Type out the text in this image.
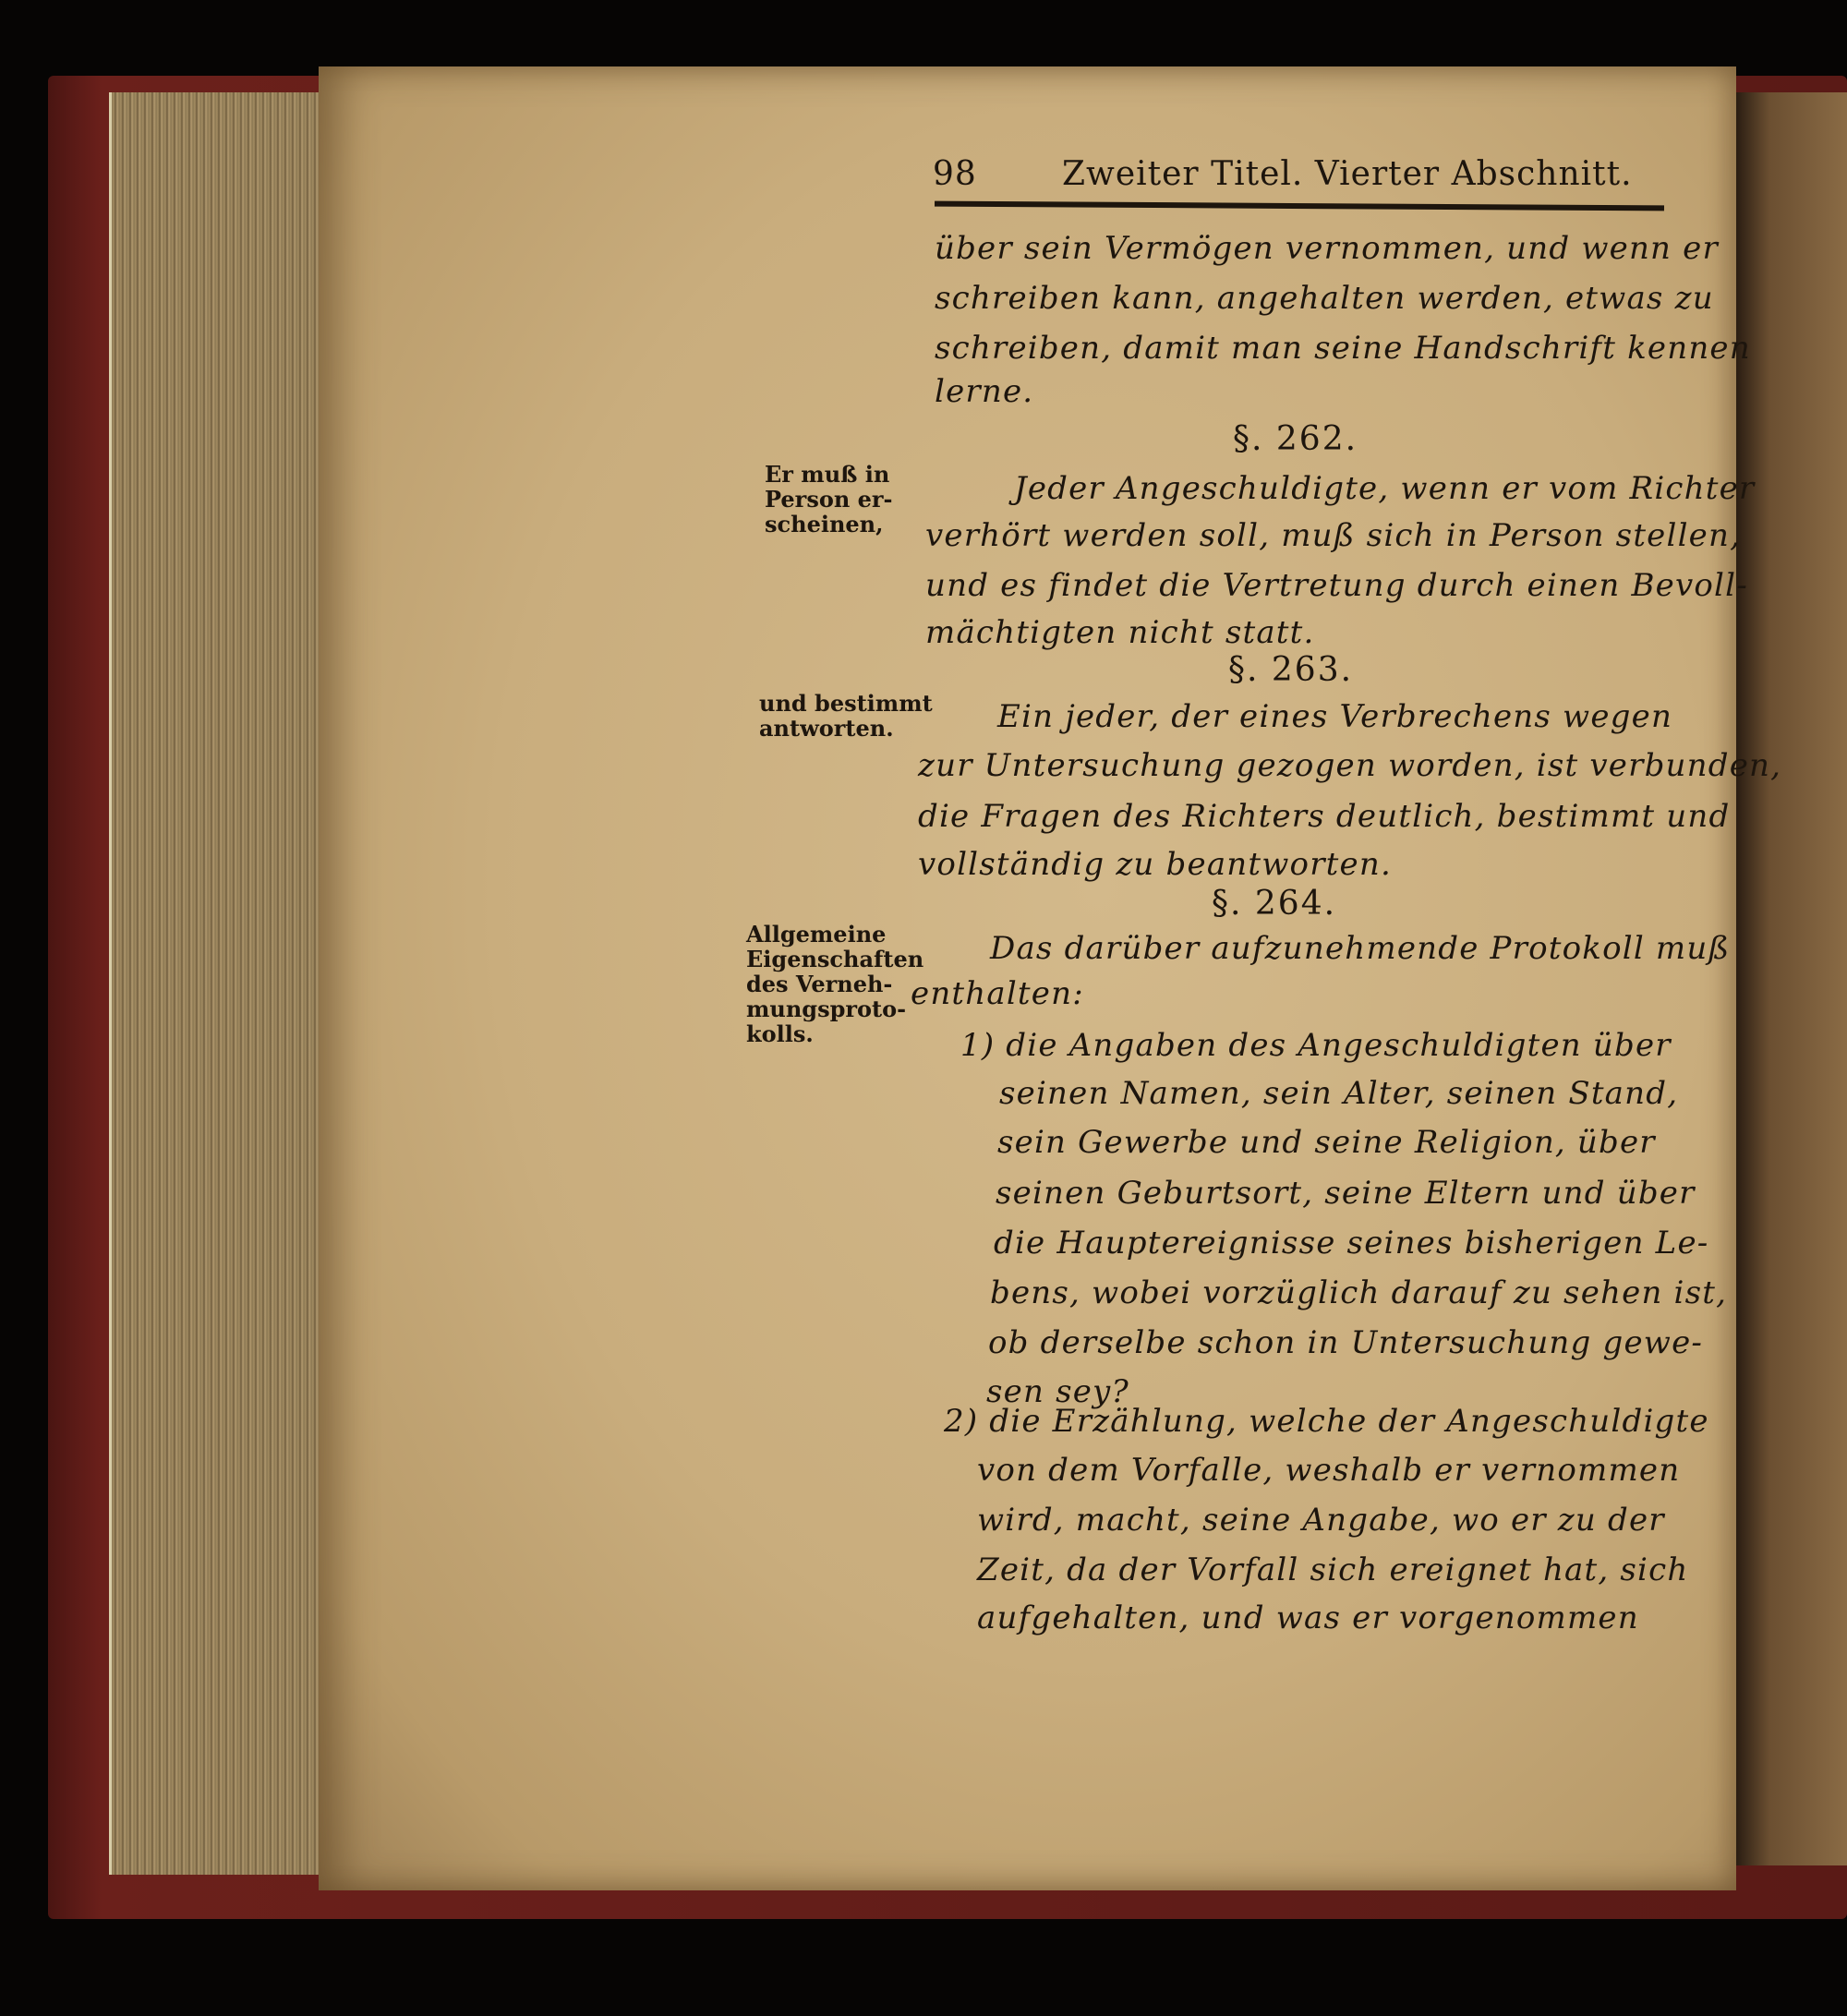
98	Zweiter Titel. Vierter Abschnitt.
über sein Vermögen vernommen, und wenn er
schreiben kann, angehalten werden, etwas zu
schreiben, damit man seine Handschrift kennen
lerne.
§. 262.
Er muß in
Person er-
scheinen,
Jeder Angeschuldigte, wenn er vom Richter
verhört werden soll, muß sich in Person stellen,
und es findet die Vertretung durch einen Bevoll-
mächtigten nicht statt.
§. 263.
und bestimmt
antworten.	Ein jeder, der eines Verbrechens wegen
zur Untersuchung gezogen worden, ist verbunden,
die Fragen des Richters deutlich, bestimmt und
vollständig zu beantworten.
§. 264.
Allgemeine
Eigenschaften
des Verneh-
mungsproto-
kolls.
Das darüber aufzunehmende Protokoll muß
enthalten:
1) die Angaben des Angeschuldigten über
seinen Namen, sein Alter, seinen Stand,
sein Gewerbe und seine Religion, über
seinen Geburtsort, seine Eltern und über
die Hauptereignisse seines bisherigen Le-
bens, wobei vorzüglich darauf zu sehen ist,
ob derselbe schon in Untersuchung gewe-
sen sey?
2) die Erzählung, welche der Angeschuldigte
von dem Vorfalle, weshalb er vernommen
wird, macht, seine Angabe, wo er zu der
Zeit, da der Vorfall sich ereignet hat, sich
aufgehalten, und was er vorgenommen
